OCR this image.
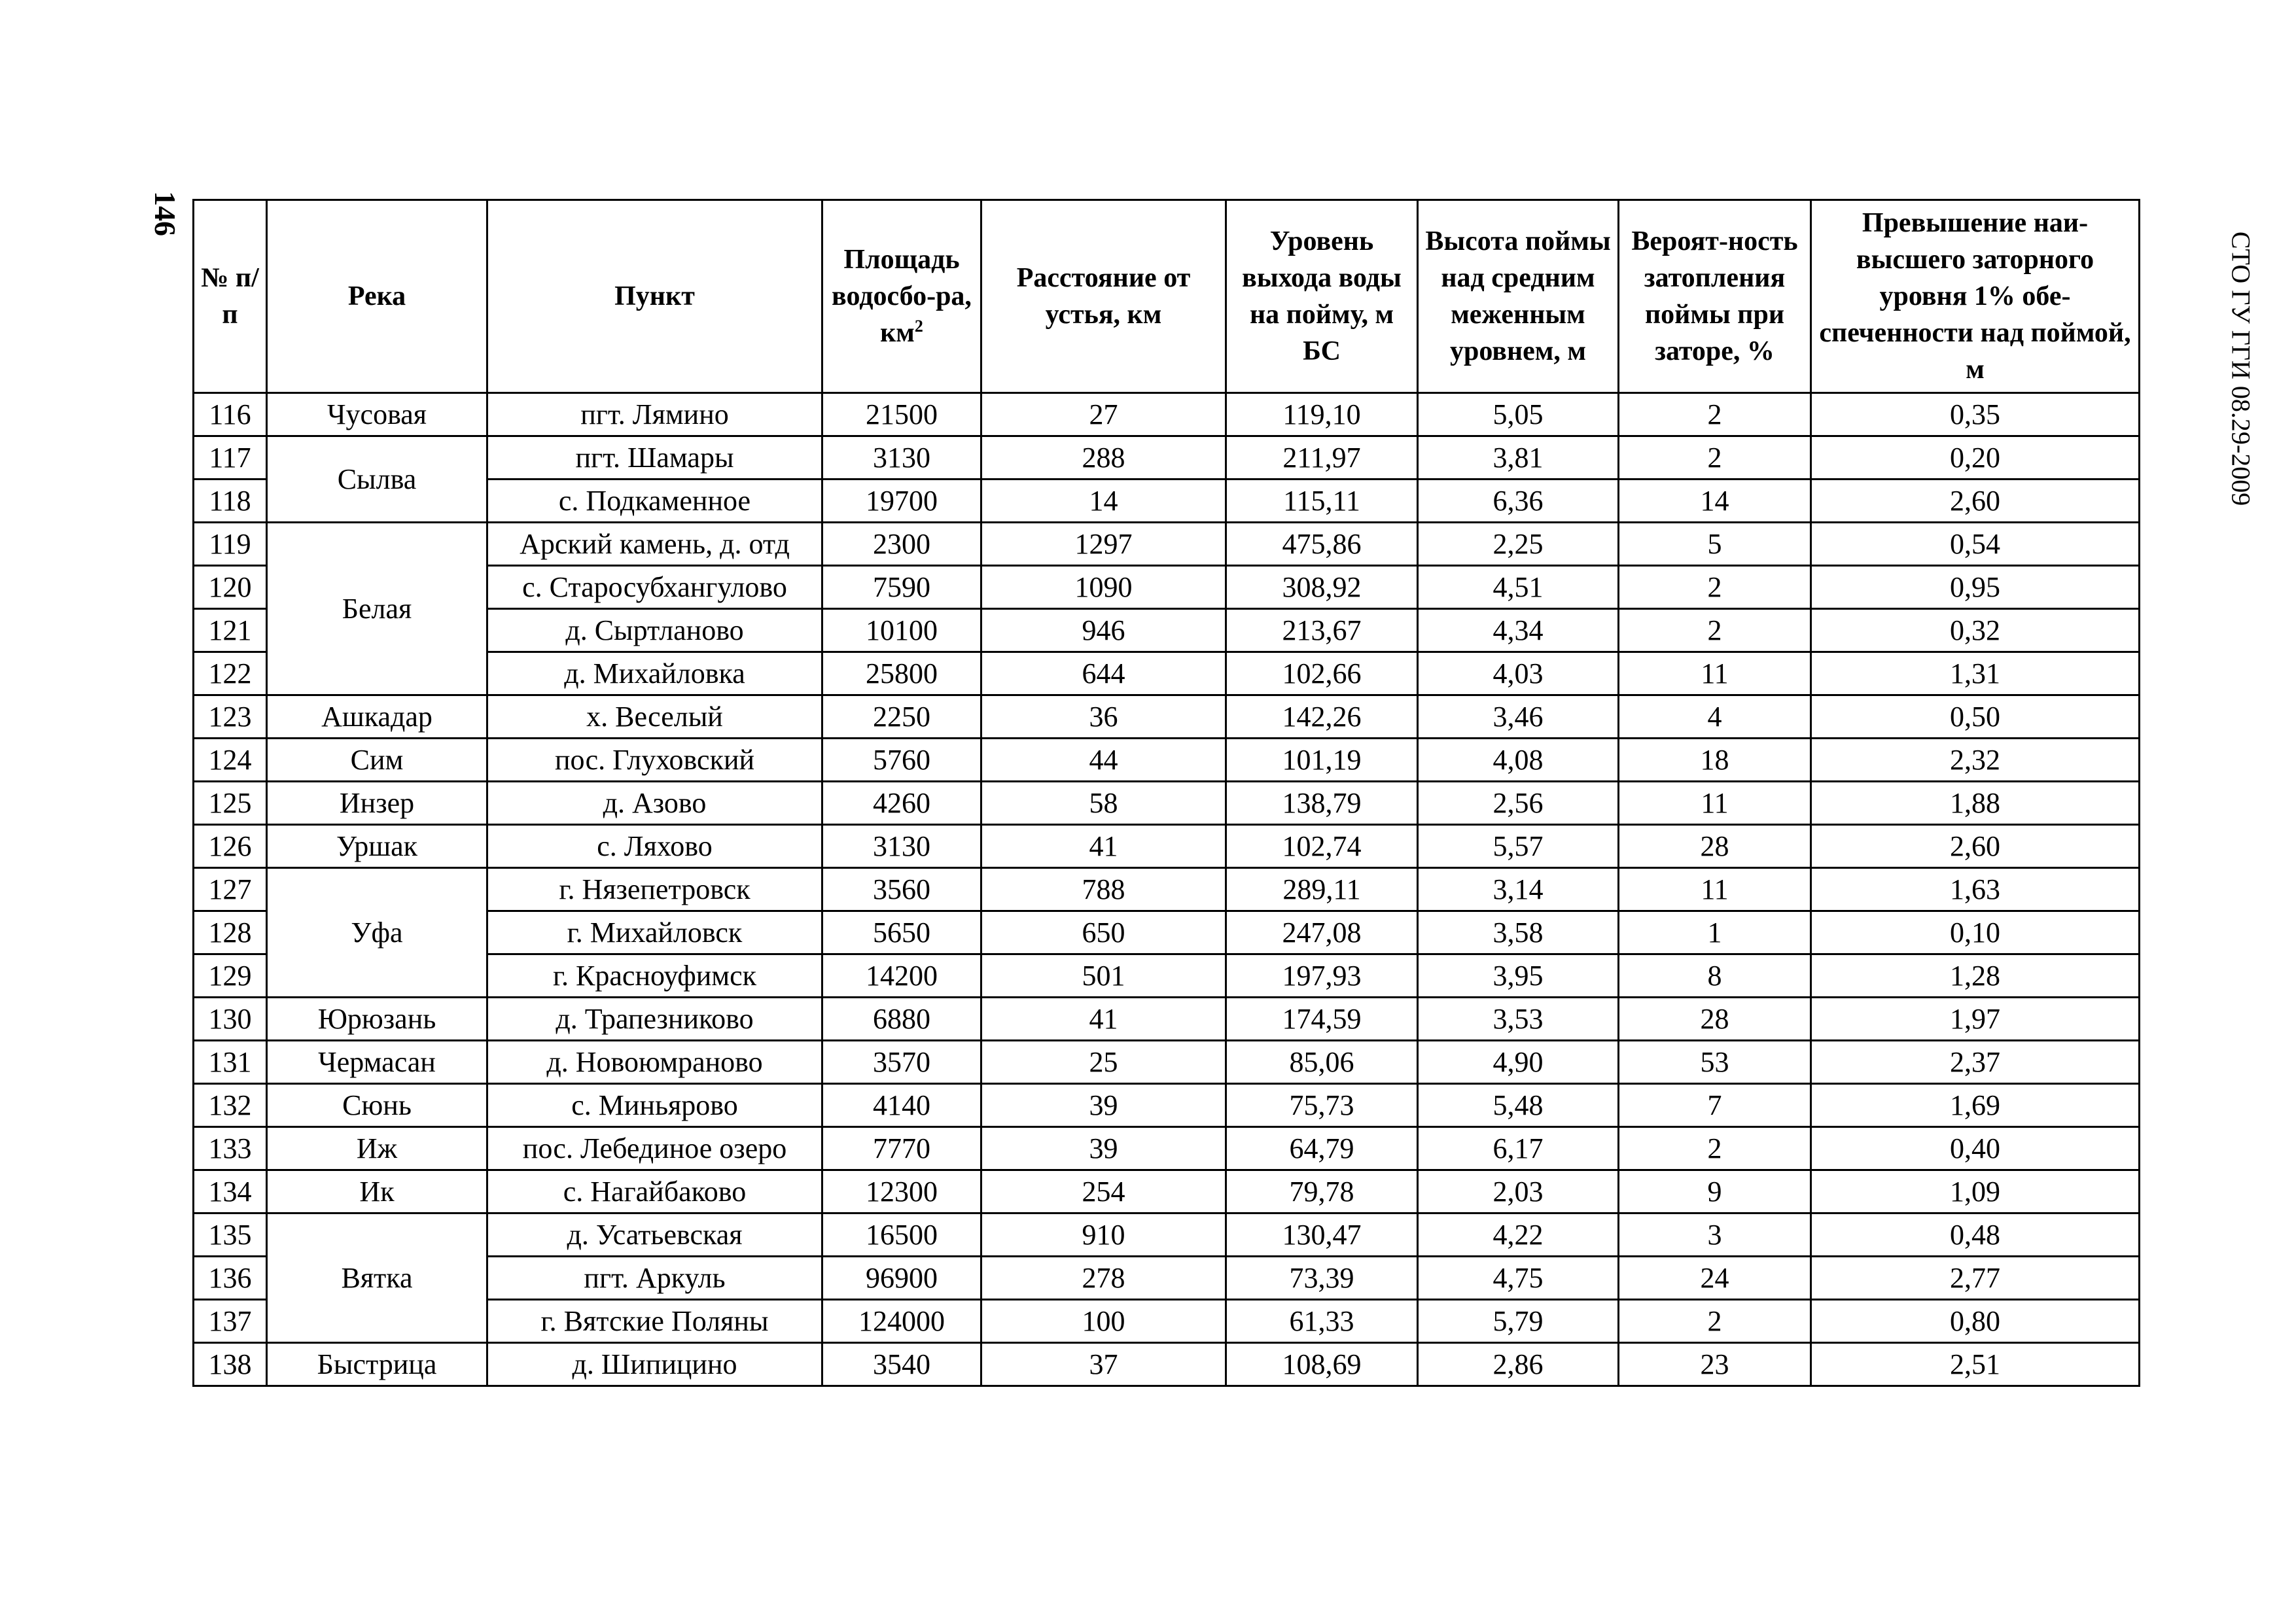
146
СТО ГУ ГГИ 08.29-2009
№ п/п	Река	Пункт	Площадь водосбо-ра, $км^2$	Расстояние от устья, км	Уровень выхода воды на пойму, м БС	Высота поймы над средним меженным уровнем, м	Вероят-ность затопления поймы при заторе, %	Превышение наи-высшего заторного уровня 1% обе-спеченности над поймой, м
116	Чусовая	пгт. Лямино	21500	27	119,10	5,05	2	0,35
117	Сылва	пгт. Шамары	3130	288	211,97	3,81	2	0,20
118		с. Подкаменное	19700	14	115,11	6,36	14	2,60
119	Белая	Арский камень, д. отд	2300	1297	475,86	2,25	5	0,54
120		с. Старосубхангулово	7590	1090	308,92	4,51	2	0,95
121		д. Сыртланово	10100	946	213,67	4,34	2	0,32
122		д. Михайловка	25800	644	102,66	4,03	11	1,31
123	Ашкадар	х. Веселый	2250	36	142,26	3,46	4	0,50
124	Сим	пос. Глуховский	5760	44	101,19	4,08	18	2,32
125	Инзер	д. Азово	4260	58	138,79	2,56	11	1,88
126	Уршак	с. Ляхово	3130	41	102,74	5,57	28	2,60
127	Уфа	г. Нязепетровск	3560	788	289,11	3,14	11	1,63
128		г. Михайловск	5650	650	247,08	3,58	1	0,10
129		г. Красноуфимск	14200	501	197,93	3,95	8	1,28
130	Юрюзань	д. Трапезниково	6880	41	174,59	3,53	28	1,97
131	Чермасан	д. Новоюмраново	3570	25	85,06	4,90	53	2,37
132	Сюнь	с. Миньярово	4140	39	75,73	5,48	7	1,69
133	Иж	пос. Лебединое озеро	7770	39	64,79	6,17	2	0,40
134	Ик	с. Нагайбаково	12300	254	79,78	2,03	9	1,09
135	Вятка	д. Усатьевская	16500	910	130,47	4,22	3	0,48
136		пгт. Аркуль	96900	278	73,39	4,75	24	2,77
137		г. Вятские Поляны	124000	100	61,33	5,79	2	0,80
138	Быстрица	д. Шипицино	3540	37	108,69	2,86	23	2,51
